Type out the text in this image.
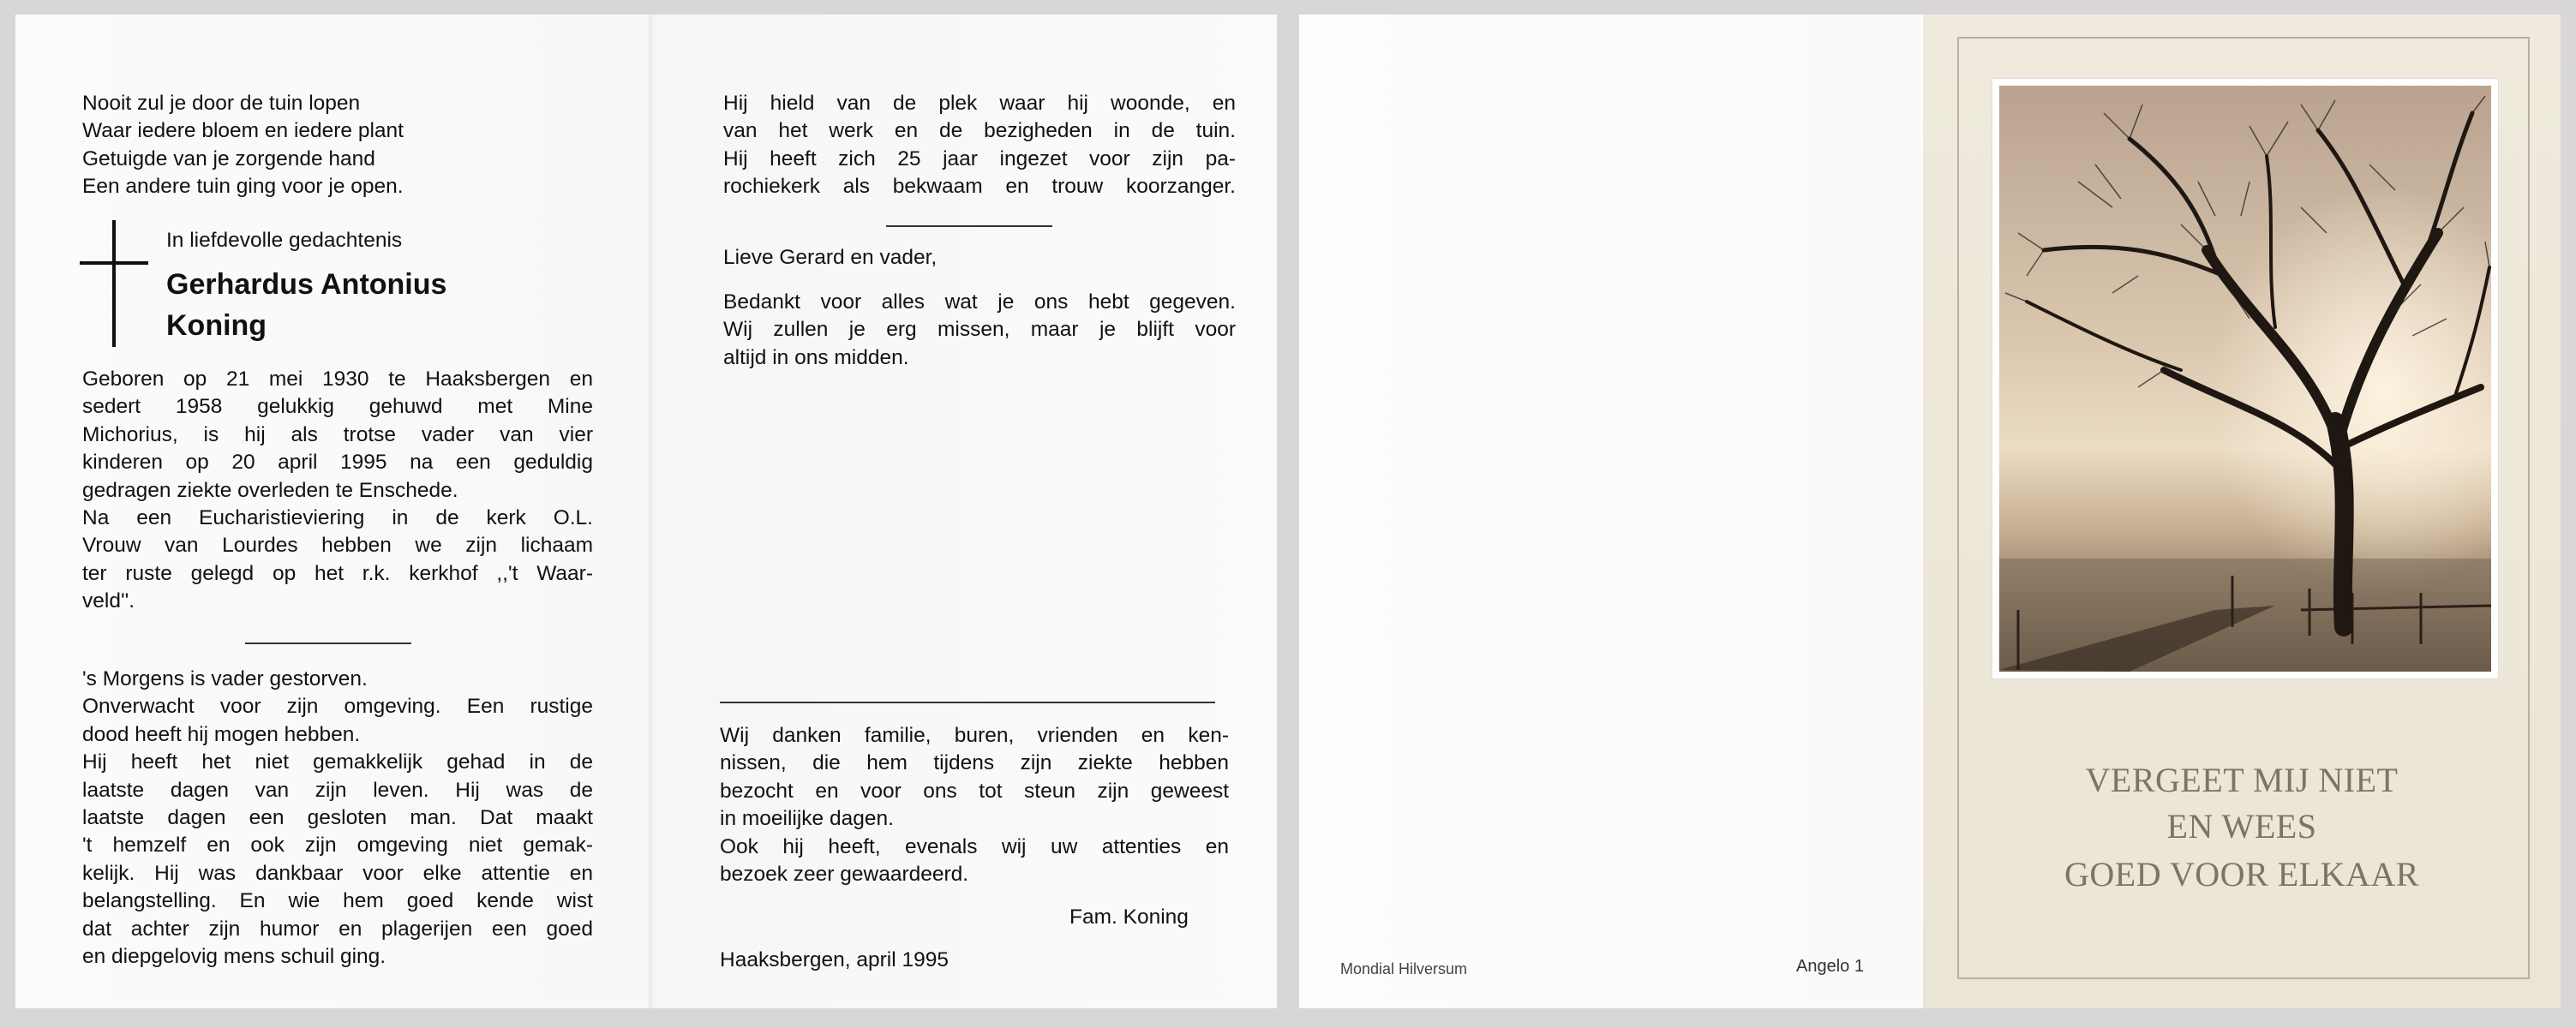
Nooit zul je door de tuin lopen

Waar iedere bloem en iedere plant

Getuigde van je zorgende hand

Een andere tuin ging voor je open.

In liefdevolle gedachtenis
Gerhardus Antonius
Koning

Geboren op 21 mei 1930 te Haaksbergen en

sedert 1958 gelukkig gehuwd met Mine

Michorius, is hij als trotse vader van vier

kinderen op 20 april 1995 na een geduldig

gedragen ziekte overleden te Enschede.

Na een Eucharistieviering in de kerk O.L.

Vrouw van Lourdes hebben we zijn lichaam

ter ruste gelegd op het r.k. kerkhof ,,'t Waar-

veld''.

's Morgens is vader gestorven.

Onverwacht voor zijn omgeving. Een rustige

dood heeft hij mogen hebben.

Hij heeft het niet gemakkelijk gehad in de

laatste dagen van zijn leven. Hij was de

laatste dagen een gesloten man. Dat maakt

't hemzelf en ook zijn omgeving niet gemak-

kelijk. Hij was dankbaar voor elke attentie en

belangstelling. En wie hem goed kende wist

dat achter zijn humor en plagerijen een goed

en diepgelovig mens schuil ging.

Hij hield van de plek waar hij woonde, en

van het werk en de bezigheden in de tuin.

Hij heeft zich 25 jaar ingezet voor zijn pa-

rochiekerk als bekwaam en trouw koorzanger.

Lieve Gerard en vader,

Bedankt voor alles wat je ons hebt gegeven.

Wij zullen je erg missen, maar je blijft voor

altijd in ons midden.

Wij danken familie, buren, vrienden en ken-

nissen, die hem tijdens zijn ziekte hebben

bezocht en voor ons tot steun zijn geweest

in moeilijke dagen.

Ook hij heeft, evenals wij uw attenties en

bezoek zeer gewaardeerd.

Fam. Koning
Haaksbergen, april 1995	Mondial Hilversum	Angelo 1
VERGEET MIJ NIET
EN WEES
GOED VOOR ELKAAR
